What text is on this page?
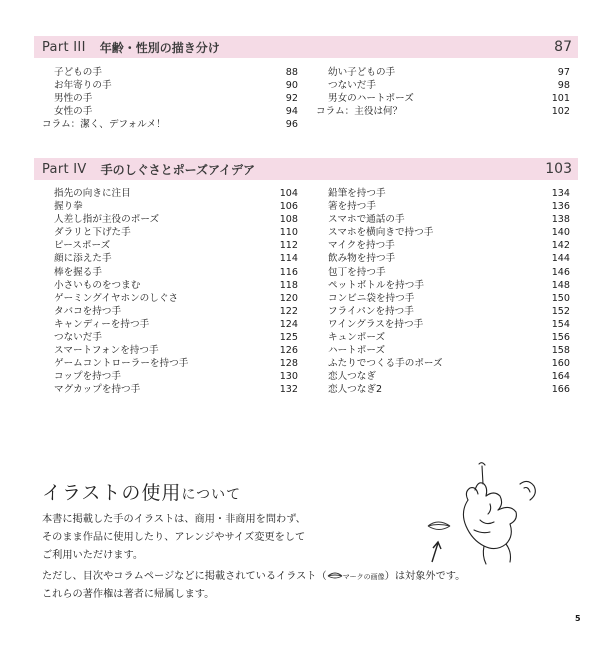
Part III 年齢・性別の描き分け	87
子どもの手	88
お年寄りの手	90
男性の手	92
女性の手	94
コラム：潔く、デフォルメ！	96
幼い子どもの手	97
つないだ手	98
男女のハートポーズ	101
コラム：主役は何？	102
Part IV 手のしぐさとポーズアイデア	103
指先の向きに注目	104
握り拳	106
人差し指が主役のポーズ	108
ダラリと下げた手	110
ピースポーズ	112
顔に添えた手	114
棒を握る手	116
小さいものをつまむ	118
ゲーミングイヤホンのしぐさ	120
タバコを持つ手	122
キャンディーを持つ手	124
つないだ手	125
スマートフォンを持つ手	126
ゲームコントローラーを持つ手	128
コップを持つ手	130
マグカップを持つ手	132
鉛筆を持つ手	134
箸を持つ手	136
スマホで通話の手	138
スマホを横向きで持つ手	140
マイクを持つ手	142
飲み物を持つ手	144
包丁を持つ手	146
ペットボトルを持つ手	148
コンビニ袋を持つ手	150
フライパンを持つ手	152
ワイングラスを持つ手	154
キュンポーズ	156
ハートポーズ	158
ふたりでつくる手のポーズ	160
恋人つなぎ	164
恋人つなぎ2	166
イラストの使用について
本書に掲載した手のイラストは、商用・非商用を問わず、
そのまま作品に使用したり、アレンジやサイズ変更をして
ご利用いただけます。
ただし、目次やコラムページなどに掲載されているイラスト（ マークの画像）は対象外です。
これらの著作権は著者に帰属します。
5
